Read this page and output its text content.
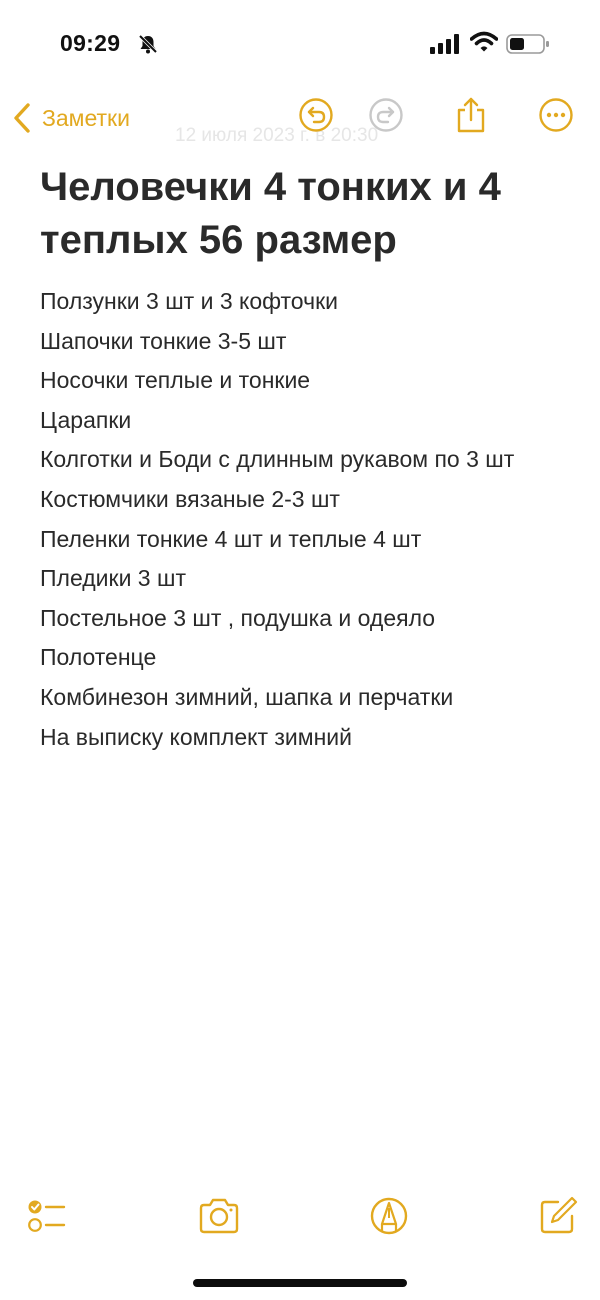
09:29
12 июля 2023 г. в 20:30
Заметки
Человечки 4 тонких и 4 теплых 56 размер
Ползунки 3 шт и 3 кофточки
Шапочки тонкие 3-5 шт
Носочки теплые и тонкие
Царапки
Колготки и Боди с длинным рукавом по 3 шт
Костюмчики вязаные 2-3 шт
Пеленки тонкие 4 шт и теплые 4 шт
Пледики 3 шт
Постельное 3 шт , подушка и одеяло
Полотенце
Комбинезон зимний, шапка и перчатки
На выписку комплект зимний
